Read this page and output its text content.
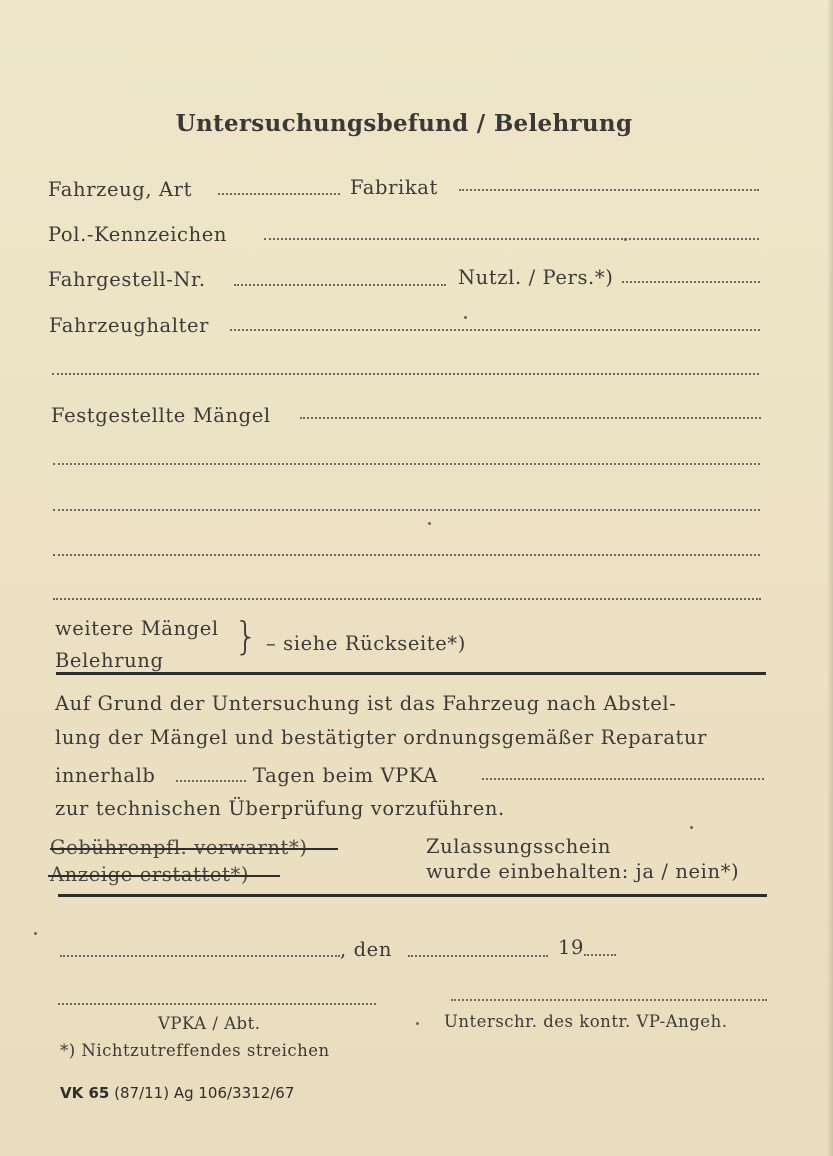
Untersuchungsbefund / Belehrung
Fahrzeug, Art	Fabrikat
Pol.-Kennzeichen
Fahrgestell-Nr.	Nutzl. / Pers.*)
Fahrzeughalter
Festgestellte Mängel
weitere Mängel
Belehrung
} – siehe Rückseite*)
Auf Grund der Untersuchung ist das Fahrzeug nach Abstel-
lung der Mängel und bestätigter ordnungsgemäßer Reparatur
innerhalb	Tagen beim VPKA
zur technischen Überprüfung vorzuführen.
Gebührenpfl. verwarnt*)
Anzeige erstattet*)
Zulassungsschein
wurde einbehalten: ja / nein*)
, den	19
VPKA / Abt.	Unterschr. des kontr. VP-Angeh.
*) Nichtzutreffendes streichen
VK 65 (87/11) Ag 106/3312/67
